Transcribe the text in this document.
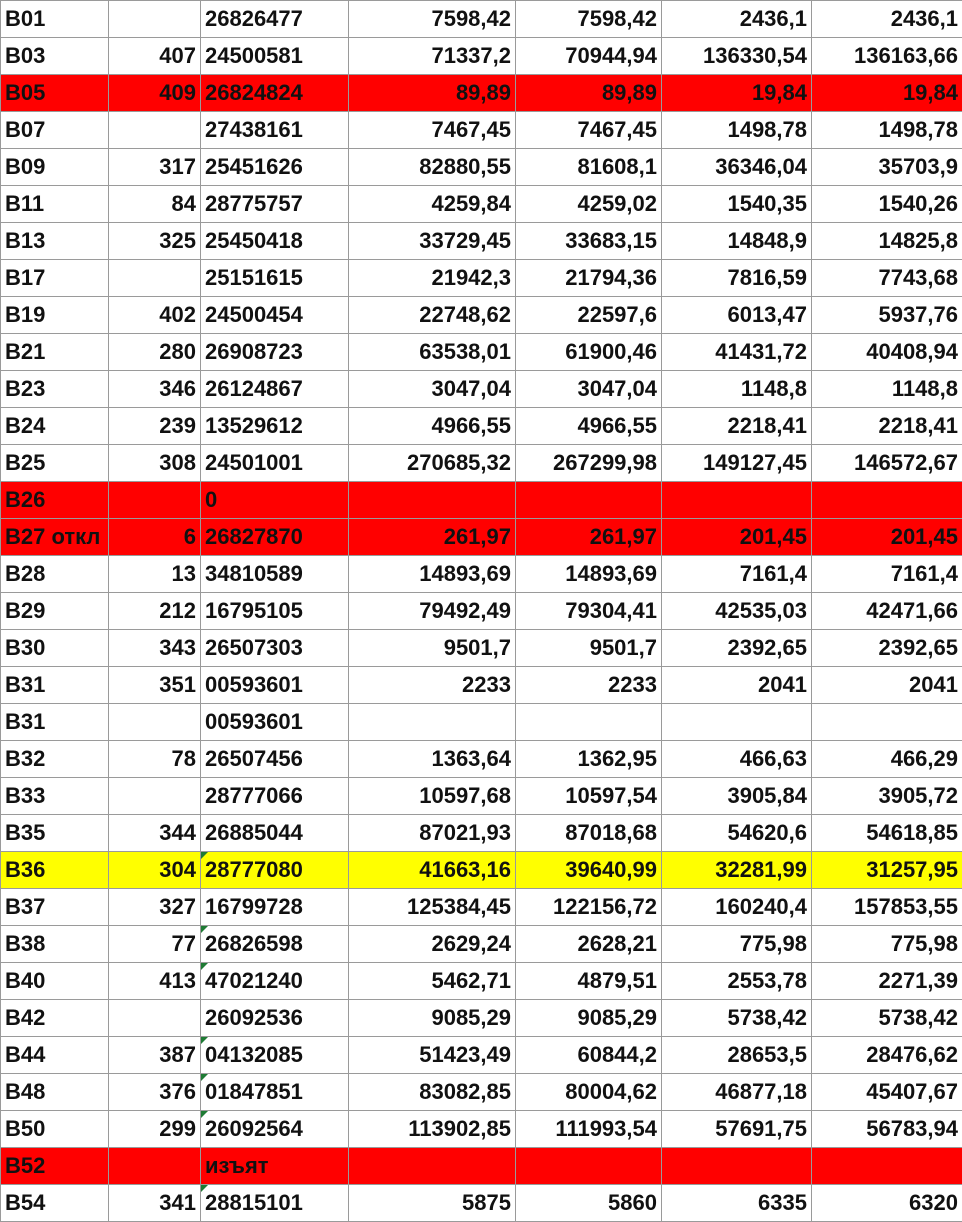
B01		26826477	7598,42	7598,42	2436,1	2436,1
B03	407	24500581	71337,2	70944,94	136330,54	136163,66
B05	409	26824824	89,89	89,89	19,84	19,84
B07		27438161	7467,45	7467,45	1498,78	1498,78
B09	317	25451626	82880,55	81608,1	36346,04	35703,9
B11	84	28775757	4259,84	4259,02	1540,35	1540,26
B13	325	25450418	33729,45	33683,15	14848,9	14825,8
B17		25151615	21942,3	21794,36	7816,59	7743,68
B19	402	24500454	22748,62	22597,6	6013,47	5937,76
B21	280	26908723	63538,01	61900,46	41431,72	40408,94
B23	346	26124867	3047,04	3047,04	1148,8	1148,8
B24	239	13529612	4966,55	4966,55	2218,41	2218,41
B25	308	24501001	270685,32	267299,98	149127,45	146572,67
B26		0				
B27 откл	6	26827870	261,97	261,97	201,45	201,45
B28	13	34810589	14893,69	14893,69	7161,4	7161,4
B29	212	16795105	79492,49	79304,41	42535,03	42471,66
B30	343	26507303	9501,7	9501,7	2392,65	2392,65
B31	351	00593601	2233	2233	2041	2041
B31		00593601				
B32	78	26507456	1363,64	1362,95	466,63	466,29
B33		28777066	10597,68	10597,54	3905,84	3905,72
B35	344	26885044	87021,93	87018,68	54620,6	54618,85
B36	304	28777080	41663,16	39640,99	32281,99	31257,95
B37	327	16799728	125384,45	122156,72	160240,4	157853,55
B38	77	26826598	2629,24	2628,21	775,98	775,98
B40	413	47021240	5462,71	4879,51	2553,78	2271,39
B42		26092536	9085,29	9085,29	5738,42	5738,42
B44	387	04132085	51423,49	60844,2	28653,5	28476,62
B48	376	01847851	83082,85	80004,62	46877,18	45407,67
B50	299	26092564	113902,85	111993,54	57691,75	56783,94
B52		изъят				
B54	341	28815101	5875	5860	6335	6320
